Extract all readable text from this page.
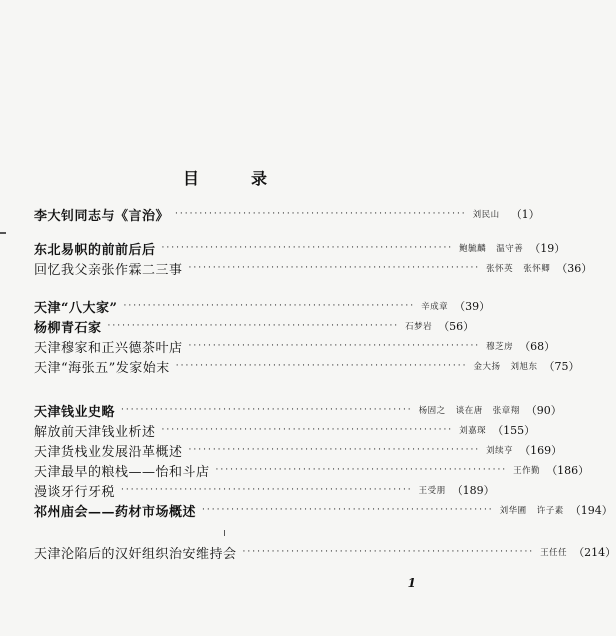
目　录
李大钊同志与《言治》 ···························································· 刘民山	（1）
东北易帜的前前后后 ···························································· 鲍毓麟 温守善 （19）
回忆我父亲张作霖二三事 ···························································· 张怀英 张怀卿 （36）
天津“八大家” ···························································· 辛成章 （39）
杨柳青石家 ···························································· 石梦岩 （56）
天津穆家和正兴德茶叶店 ···························································· 穆芝房 （68）
天津“海张五”发家始末 ···························································· 金大扬 刘旭东 （75）
天津钱业史略 ···························································· 杨固之 谈在唐 张章翔 （90）
解放前天津钱业析述 ···························································· 刘嘉琛 （155）
天津货栈业发展沿革概述 ···························································· 刘续亨 （169）
天津最早的粮栈——怡和斗店 ···························································· 王作勤 （186）
漫谈牙行牙税 ···························································· 王受朋 （189）
祁州庙会——药材市场概述 ···························································· 刘华圃 许子素 （194）
天津沦陷后的汉奸组织治安维持会 ···························································· 王任任 （214）
1
